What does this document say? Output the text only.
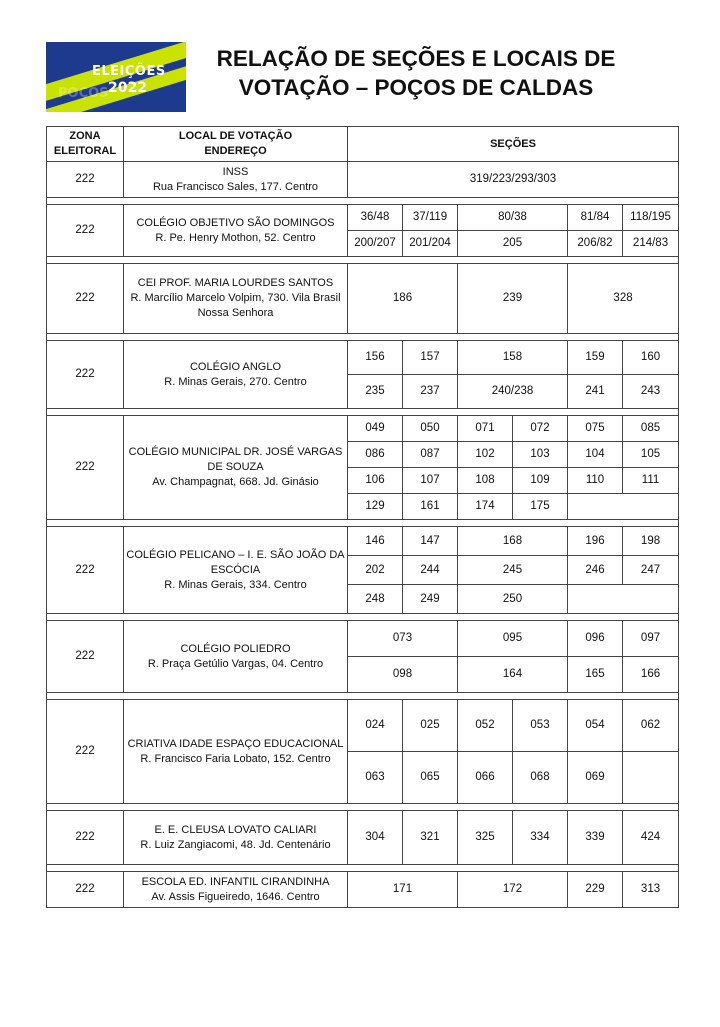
POÇOS
ELEIÇÕES
2022
RELAÇÃO DE SEÇÕES E LOCAIS DE
VOTAÇÃO – POÇOS DE CALDAS
ZONA ELEITORAL	LOCAL DE VOTAÇÃO
ENDEREÇO	SEÇÕES					
222	INSS
Rua Francisco Sales, 177. Centro	319/223/293/303					

222	COLÉGIO OBJETIVO SÃO DOMINGOS
R. Pe. Henry Mothon, 52. Centro	36/48	37/119	80/38		81/84	118/195
		200/207	201/204	205		206/82	214/83

222	CEI PROF. MARIA LOURDES SANTOS
R. Marcílio Marcelo Volpim, 730. Vila Brasil Nossa Senhora	186		239		328	

222	COLÉGIO ANGLO
R. Minas Gerais, 270. Centro	156	157	158		159	160
		235	237	240/238		241	243

222	COLÉGIO MUNICIPAL DR. JOSÉ VARGAS DE SOUZA
Av. Champagnat, 668. Jd. Ginásio	049	050	071	072	075	085
		086	087	102	103	104	105
		106	107	108	109	110	111
		129	161	174	175		

222	COLÉGIO PELICANO – I. E. SÃO JOÃO DA ESCÓCIA
R. Minas Gerais, 334. Centro	146	147	168		196	198
		202	244	245		246	247
		248	249	250			

222	COLÉGIO POLIEDRO
R. Praça Getúlio Vargas, 04. Centro	073		095		096	097
		098		164		165	166

222	CRIATIVA IDADE ESPAÇO EDUCACIONAL
R. Francisco Faria Lobato, 152. Centro	024	025	052	053	054	062
		063	065	066	068	069	

222	E. E. CLEUSA LOVATO CALIARI
R. Luiz Zangiacomi, 48. Jd. Centenário	304	321	325	334	339	424

222	ESCOLA ED. INFANTIL CIRANDINHA
Av. Assis Figueiredo, 1646. Centro	171		172		229	313
